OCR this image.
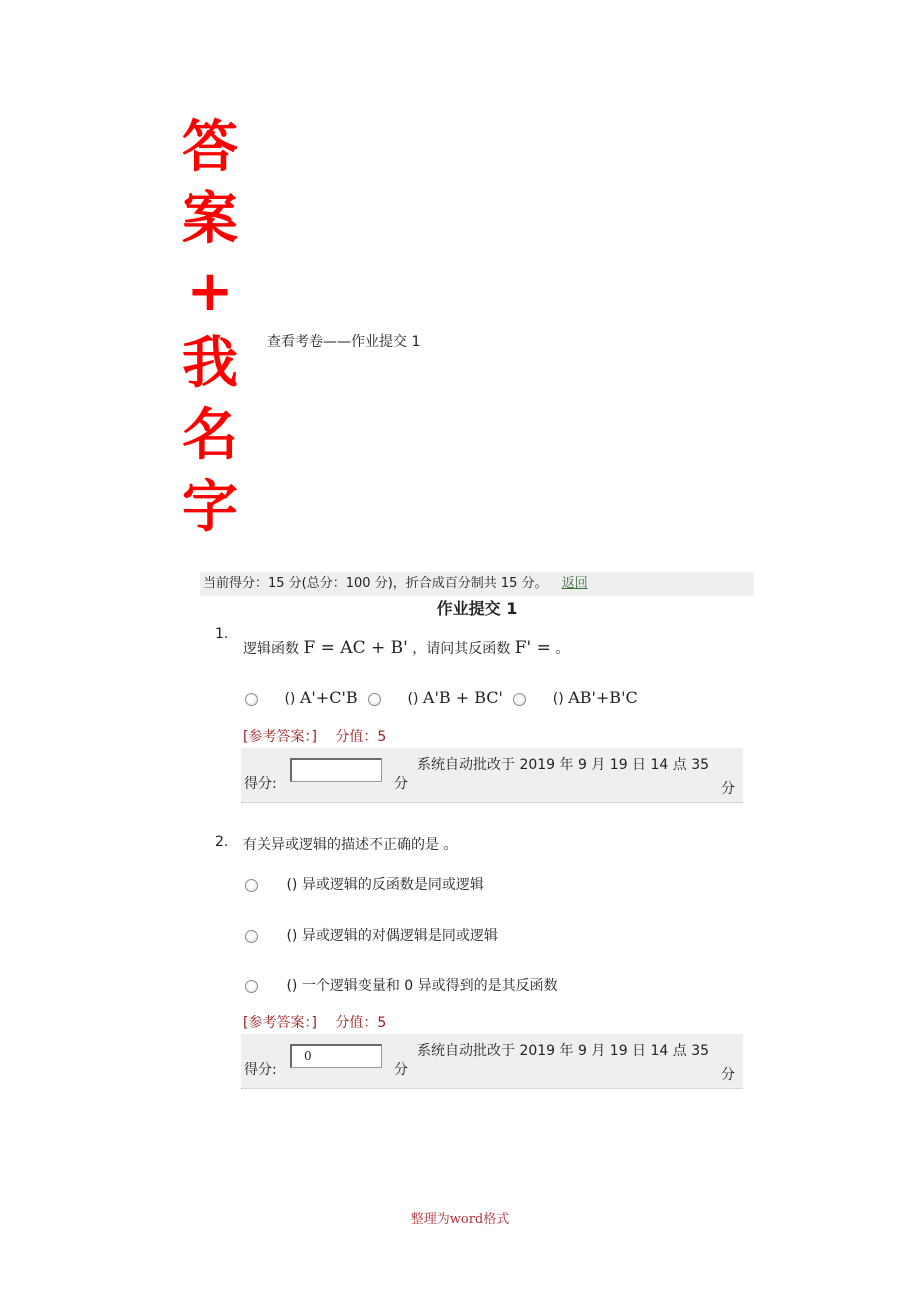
答
案
+
我
名
字
查看考卷——作业提交 1
当前得分：15 分(总分：100 分)，折合成百分制共 15 分。 返回
作业提交 1
1.
逻辑函数 F = AC + B' ，请问其反函数 F' = 。
() A'+C'B	() A'B + BC'	() AB'+B'C
[参考答案：] 分值：5
得分:	分
系统自动批改于 2019 年 9 月 19 日 14 点 35
分
2. 有关异或逻辑的描述不正确的是 。
() 异或逻辑的反函数是同或逻辑
() 异或逻辑的对偶逻辑是同或逻辑
() 一个逻辑变量和 0 异或得到的是其反函数
[参考答案：] 分值：5
得分:
0
分
系统自动批改于 2019 年 9 月 19 日 14 点 35
分
整理为word格式
